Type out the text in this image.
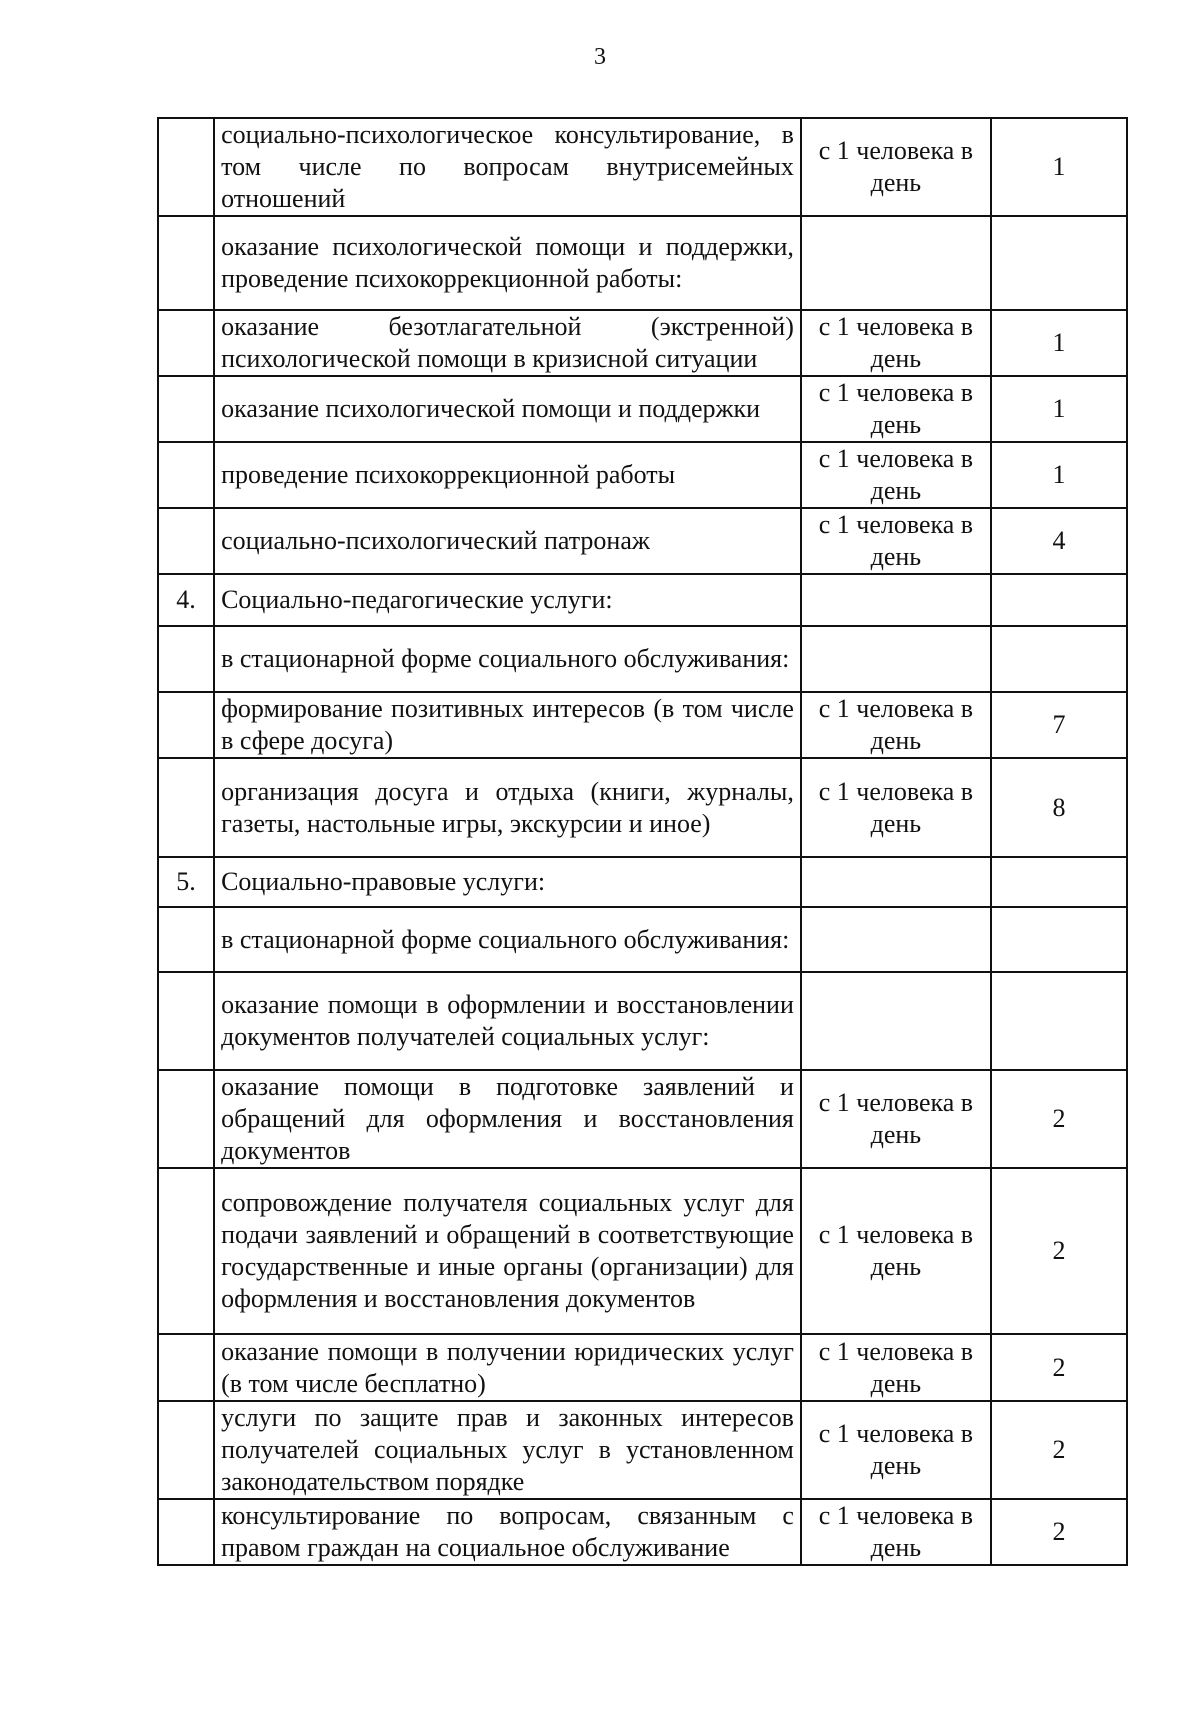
3

	социально-психологическое консультирование, в том числе по вопросам внутрисемейных отношений	с 1 человека в день	1

	оказание психологической помощи и поддержки, проведение психокоррекционной работы:		

	оказание безотлагательной (экстренной) психологической помощи в кризисной ситуации	с 1 человека в день	1

	оказание психологической помощи и поддержки	с 1 человека в день	1

	проведение психокоррекционной работы	с 1 человека в день	1

	социально-психологический патронаж	с 1 человека в день	4
4.	Социально-педагогические услуги:		

	в стационарной форме социального обслуживания:		

	формирование позитивных интересов (в том числе в сфере досуга)	с 1 человека в день	7

	организация досуга и отдыха (книги, журналы, газеты, настольные игры, экскурсии и иное)	с 1 человека в день	8
5.	Социально-правовые услуги:		

	в стационарной форме социального обслуживания:		

	оказание помощи в оформлении и восстановлении документов получателей социальных услуг:		

	оказание помощи в подготовке заявлений и обращений для оформления и восстановления документов	с 1 человека в день	2

	сопровождение получателя социальных услуг для подачи заявлений и обращений в соответствующие государственные и иные органы (организации) для оформления и восстановления документов	с 1 человека в день	2

	оказание помощи в получении юридических услуг (в том числе бесплатно)	с 1 человека в день	2

	услуги по защите прав и законных интересов получателей социальных услуг в установленном законодательством порядке	с 1 человека в день	2

	консультирование по вопросам, связанным с правом граждан на социальное обслуживание	с 1 человека в день	2
